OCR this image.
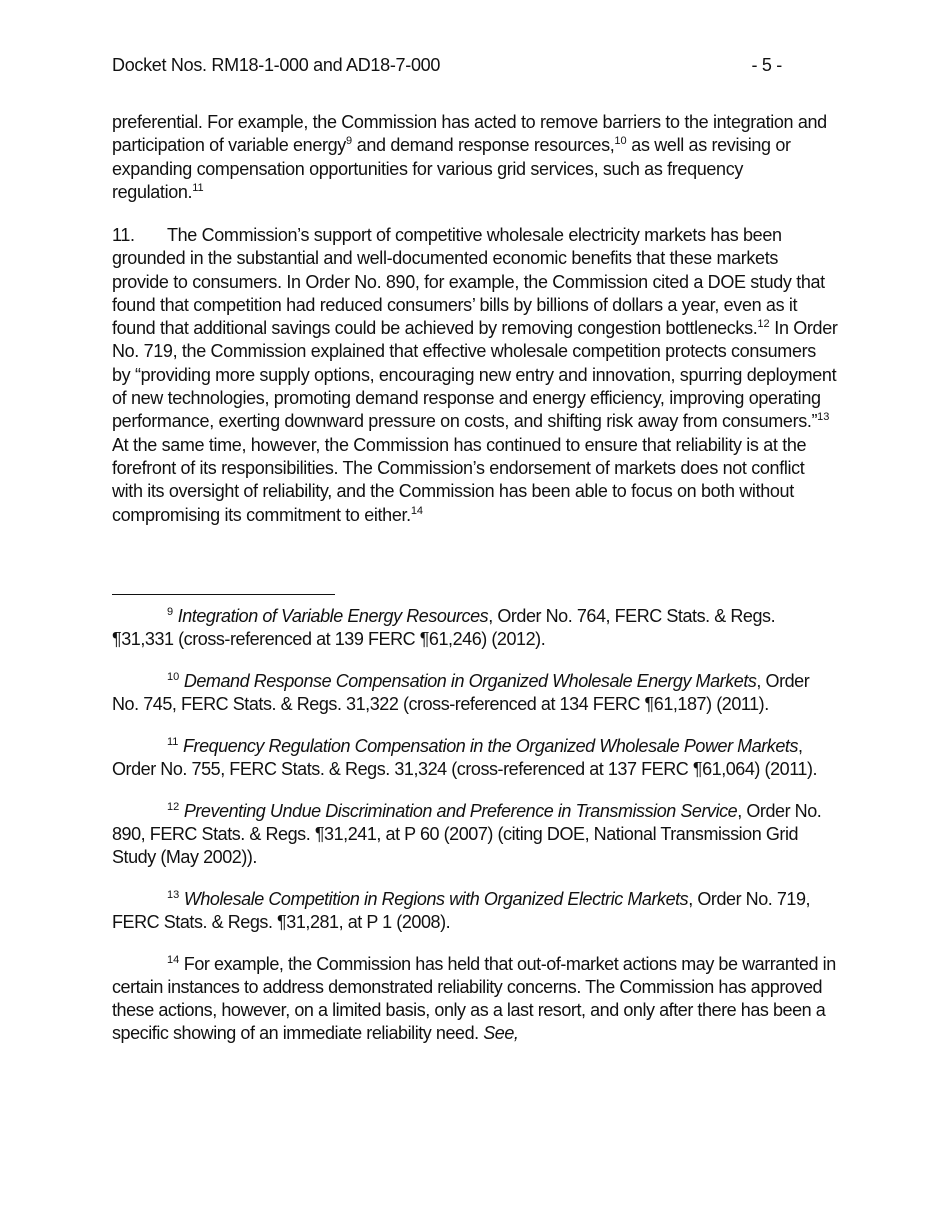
Docket Nos. RM18-1-000 and AD18-7-000	- 5 -

preferential. For example, the Commission has acted to remove barriers to the integration and participation of variable energy$^9$ and demand response resources,$^{10}$ as well as revising or expanding compensation opportunities for various grid services, such as frequency regulation.$^{11}$

11. The Commission’s support of competitive wholesale electricity markets has been grounded in the substantial and well-documented economic benefits that these markets provide to consumers. In Order No. 890, for example, the Commission cited a DOE study that found that competition had reduced consumers’ bills by billions of dollars a year, even as it found that additional savings could be achieved by removing congestion bottlenecks.$^{12}$ In Order No. 719, the Commission explained that effective wholesale competition protects consumers by “providing more supply options, encouraging new entry and innovation, spurring deployment of new technologies, promoting demand response and energy efficiency, improving operating performance, exerting downward pressure on costs, and shifting risk away from consumers.”$^{13}$ At the same time, however, the Commission has continued to ensure that reliability is at the forefront of its responsibilities. The Commission’s endorsement of markets does not conflict with its oversight of reliability, and the Commission has been able to focus on both without compromising its commitment to either.$^{14}$

$^9$ Integration of Variable Energy Resources, Order No. 764, FERC Stats. & Regs. ¶31,331 (cross-referenced at 139 FERC ¶61,246) (2012).

$^{10}$ Demand Response Compensation in Organized Wholesale Energy Markets, Order No. 745, FERC Stats. & Regs. 31,322 (cross-referenced at 134 FERC ¶61,187) (2011).

$^{11}$ Frequency Regulation Compensation in the Organized Wholesale Power Markets, Order No. 755, FERC Stats. & Regs. 31,324 (cross-referenced at 137 FERC ¶61,064) (2011).

$^{12}$ Preventing Undue Discrimination and Preference in Transmission Service, Order No. 890, FERC Stats. & Regs. ¶31,241, at P 60 (2007) (citing DOE, National Transmission Grid Study (May 2002)).

$^{13}$ Wholesale Competition in Regions with Organized Electric Markets, Order No. 719, FERC Stats. & Regs. ¶31,281, at P 1 (2008).

$^{14}$ For example, the Commission has held that out-of-market actions may be warranted in certain instances to address demonstrated reliability concerns. The Commission has approved these actions, however, on a limited basis, only as a last resort, and only after there has been a specific showing of an immediate reliability need. See,
